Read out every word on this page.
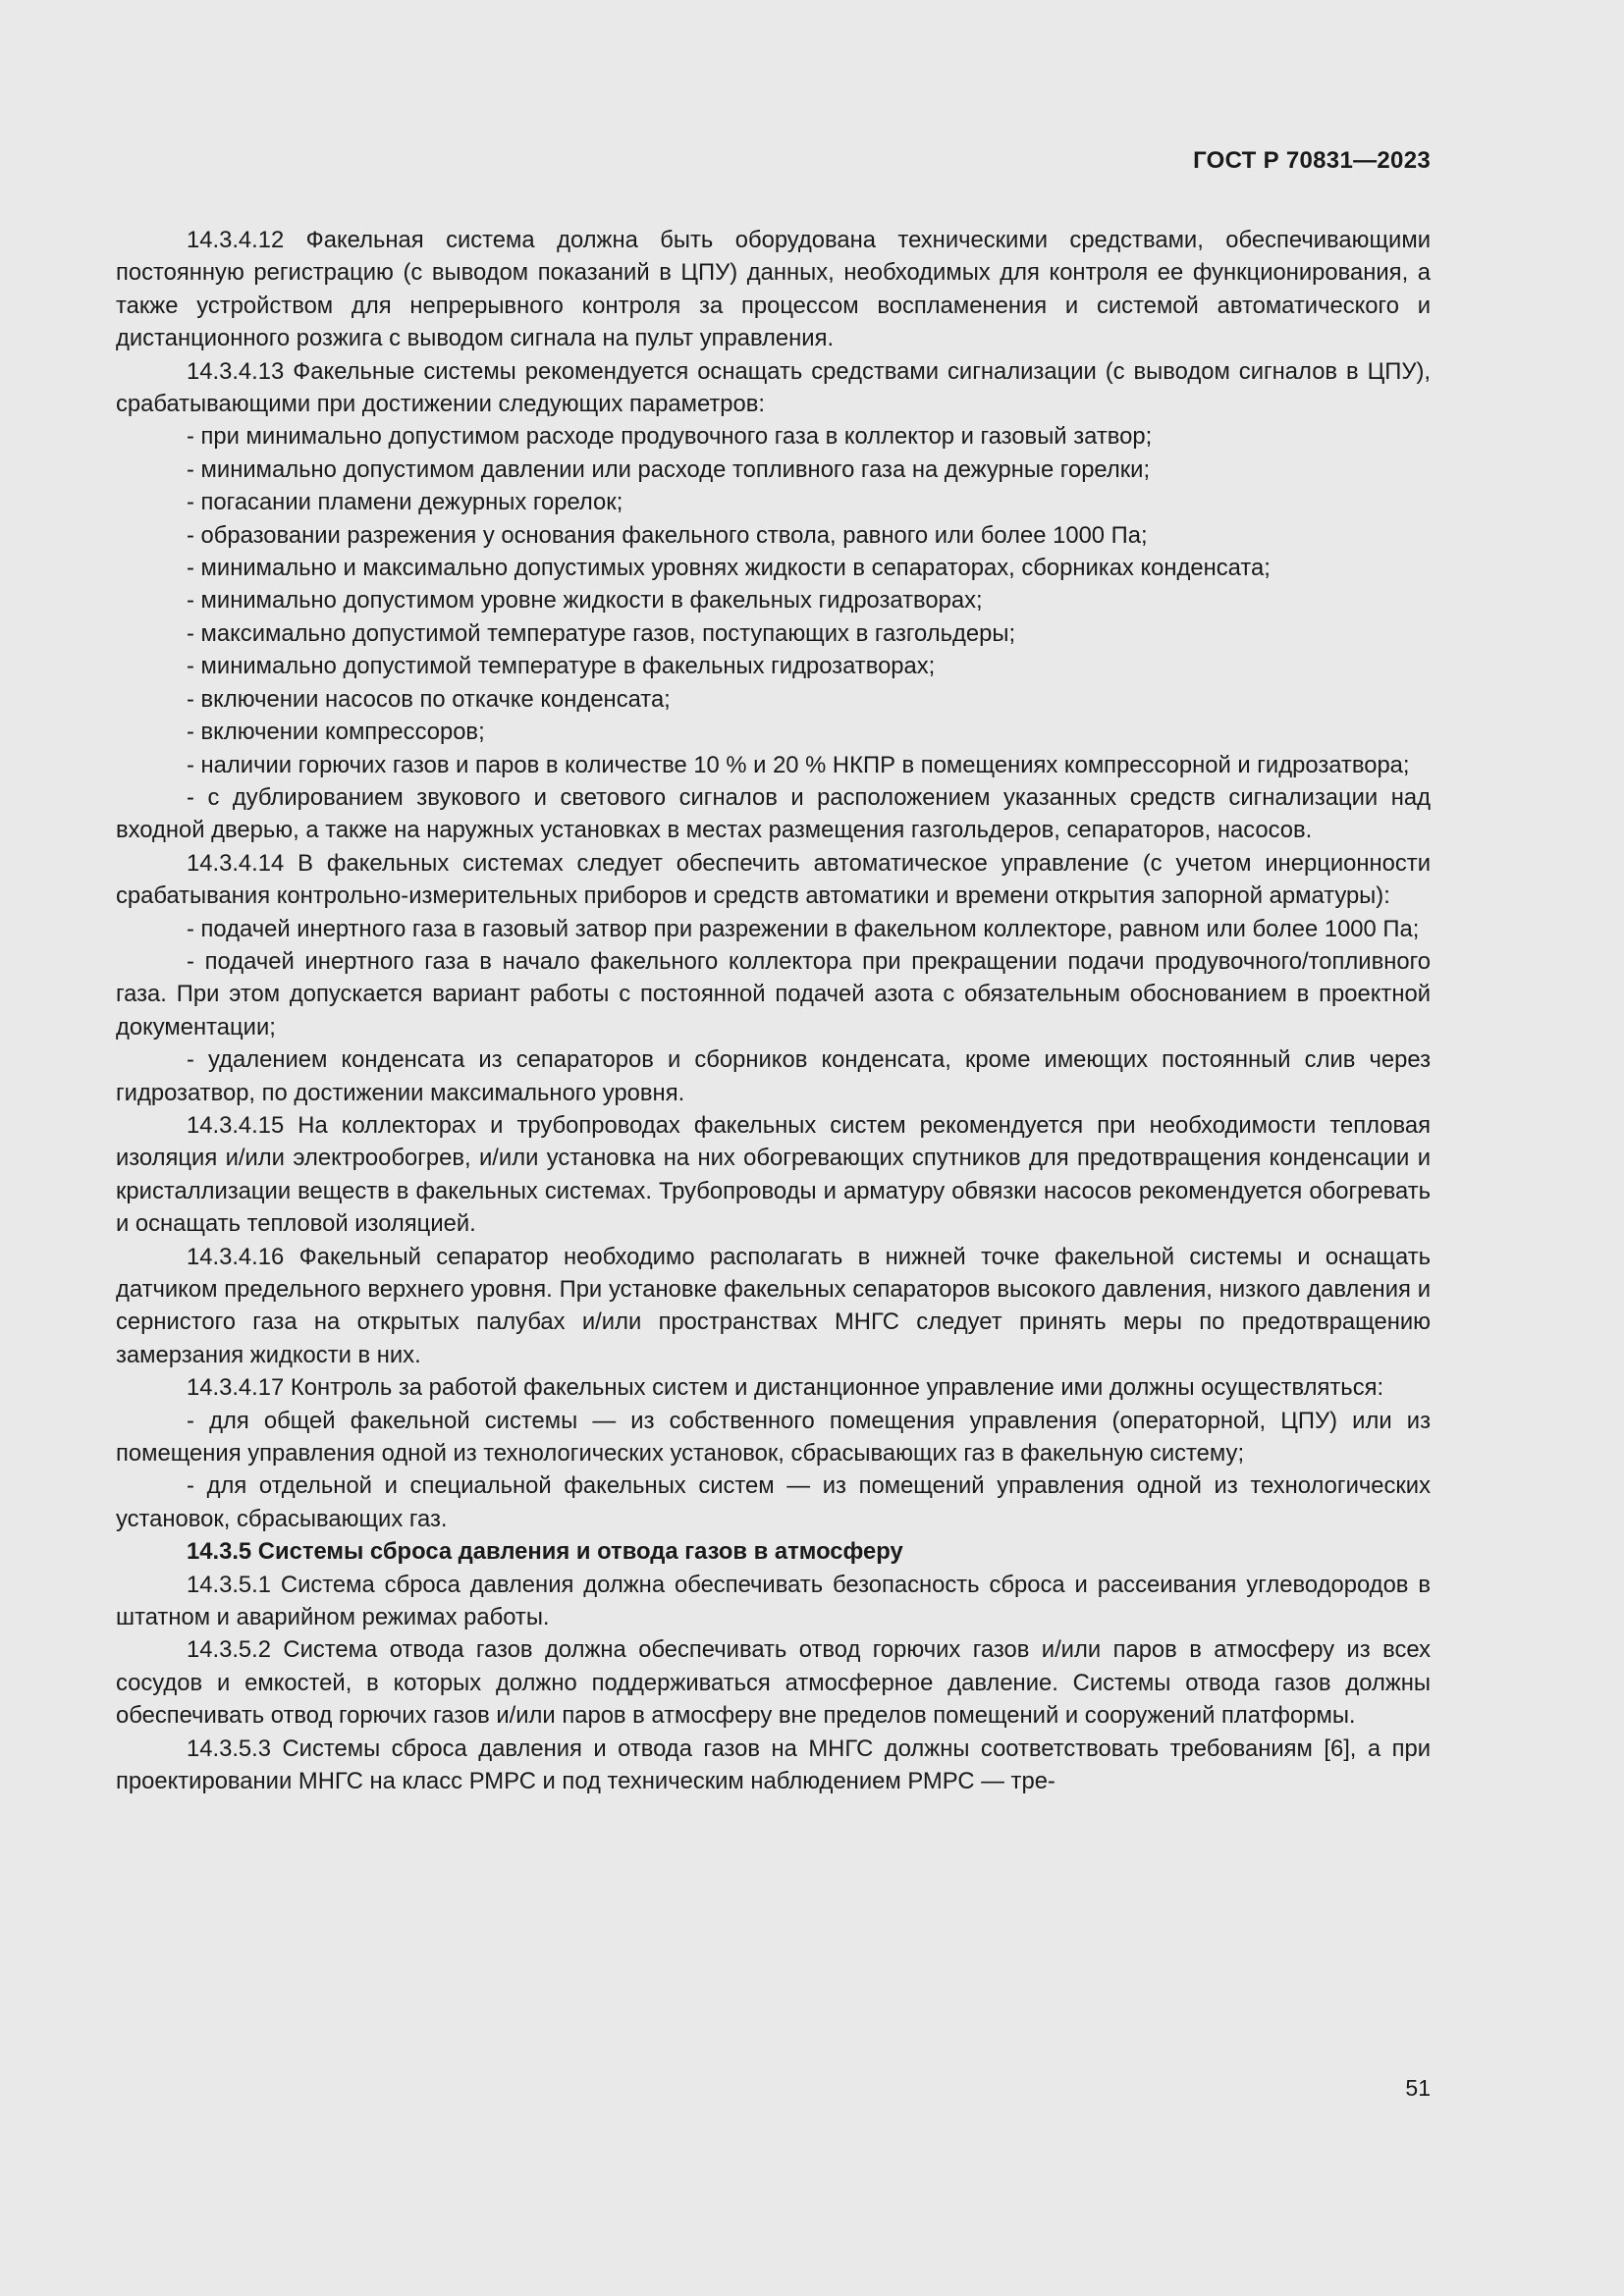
ГОСТ Р 70831—2023

14.3.4.12 Факельная система должна быть оборудована техническими средствами, обеспечивающими постоянную регистрацию (с выводом показаний в ЦПУ) данных, необходимых для контроля ее функционирования, а также устройством для непрерывного контроля за процессом воспламенения и системой автоматического и дистанционного розжига с выводом сигнала на пульт управления.

14.3.4.13 Факельные системы рекомендуется оснащать средствами сигнализации (с выводом сигналов в ЦПУ), срабатывающими при достижении следующих параметров:

- при минимально допустимом расходе продувочного газа в коллектор и газовый затвор;

- минимально допустимом давлении или расходе топливного газа на дежурные горелки;

- погасании пламени дежурных горелок;

- образовании разрежения у основания факельного ствола, равного или более 1000 Па;

- минимально и максимально допустимых уровнях жидкости в сепараторах, сборниках конденсата;

- минимально допустимом уровне жидкости в факельных гидрозатворах;

- максимально допустимой температуре газов, поступающих в газгольдеры;

- минимально допустимой температуре в факельных гидрозатворах;

- включении насосов по откачке конденсата;

- включении компрессоров;

- наличии горючих газов и паров в количестве 10 % и 20 % НКПР в помещениях компрессорной и гидрозатвора;

- с дублированием звукового и светового сигналов и расположением указанных средств сигнализации над входной дверью, а также на наружных установках в местах размещения газгольдеров, сепараторов, насосов.

14.3.4.14 В факельных системах следует обеспечить автоматическое управление (с учетом инерционности срабатывания контрольно-измерительных приборов и средств автоматики и времени открытия запорной арматуры):

- подачей инертного газа в газовый затвор при разрежении в факельном коллекторе, равном или более 1000 Па;

- подачей инертного газа в начало факельного коллектора при прекращении подачи продувочного/топливного газа. При этом допускается вариант работы с постоянной подачей азота с обязательным обоснованием в проектной документации;

- удалением конденсата из сепараторов и сборников конденсата, кроме имеющих постоянный слив через гидрозатвор, по достижении максимального уровня.

14.3.4.15 На коллекторах и трубопроводах факельных систем рекомендуется при необходимости тепловая изоляция и/или электрообогрев, и/или установка на них обогревающих спутников для предотвращения конденсации и кристаллизации веществ в факельных системах. Трубопроводы и арматуру обвязки насосов рекомендуется обогревать и оснащать тепловой изоляцией.

14.3.4.16 Факельный сепаратор необходимо располагать в нижней точке факельной системы и оснащать датчиком предельного верхнего уровня. При установке факельных сепараторов высокого давления, низкого давления и сернистого газа на открытых палубах и/или пространствах МНГС следует принять меры по предотвращению замерзания жидкости в них.

14.3.4.17 Контроль за работой факельных систем и дистанционное управление ими должны осуществляться:

- для общей факельной системы — из собственного помещения управления (операторной, ЦПУ) или из помещения управления одной из технологических установок, сбрасывающих газ в факельную систему;

- для отдельной и специальной факельных систем — из помещений управления одной из технологических установок, сбрасывающих газ.

14.3.5 Системы сброса давления и отвода газов в атмосферу

14.3.5.1 Система сброса давления должна обеспечивать безопасность сброса и рассеивания углеводородов в штатном и аварийном режимах работы.

14.3.5.2 Система отвода газов должна обеспечивать отвод горючих газов и/или паров в атмосферу из всех сосудов и емкостей, в которых должно поддерживаться атмосферное давление. Системы отвода газов должны обеспечивать отвод горючих газов и/или паров в атмосферу вне пределов помещений и сооружений платформы.

14.3.5.3 Системы сброса давления и отвода газов на МНГС должны соответствовать требованиям [6], а при проектировании МНГС на класс РМРС и под техническим наблюдением РМРС — тре-

51
